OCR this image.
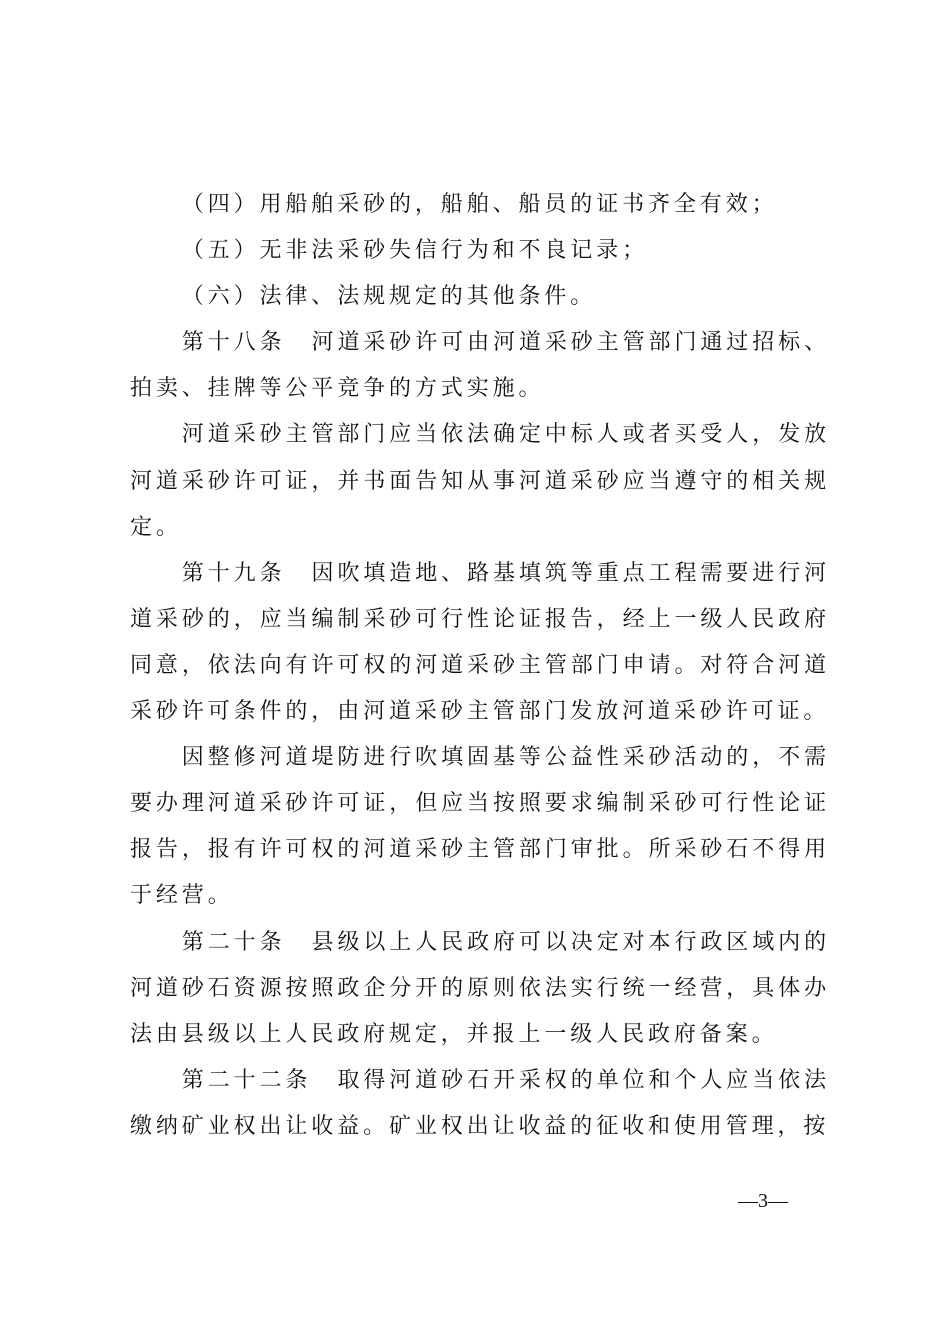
（四）用船舶采砂的，船舶、船员的证书齐全有效；

（五）无非法采砂失信行为和不良记录；

（六）法律、法规规定的其他条件。

第十八条 河道采砂许可由河道采砂主管部门通过招标、拍卖、挂牌等公平竞争的方式实施。

河道采砂主管部门应当依法确定中标人或者买受人，发放河道采砂许可证，并书面告知从事河道采砂应当遵守的相关规定。

第十九条 因吹填造地、路基填筑等重点工程需要进行河道采砂的，应当编制采砂可行性论证报告，经上一级人民政府同意，依法向有许可权的河道采砂主管部门申请。对符合河道采砂许可条件的，由河道采砂主管部门发放河道采砂许可证。

因整修河道堤防进行吹填固基等公益性采砂活动的，不需要办理河道采砂许可证，但应当按照要求编制采砂可行性论证报告，报有许可权的河道采砂主管部门审批。所采砂石不得用于经营。

第二十条 县级以上人民政府可以决定对本行政区域内的河道砂石资源按照政企分开的原则依法实行统一经营，具体办法由县级以上人民政府规定，并报上一级人民政府备案。

第二十二条 取得河道砂石开采权的单位和个人应当依法缴纳矿业权出让收益。矿业权出让收益的征收和使用管理，按

—3—
